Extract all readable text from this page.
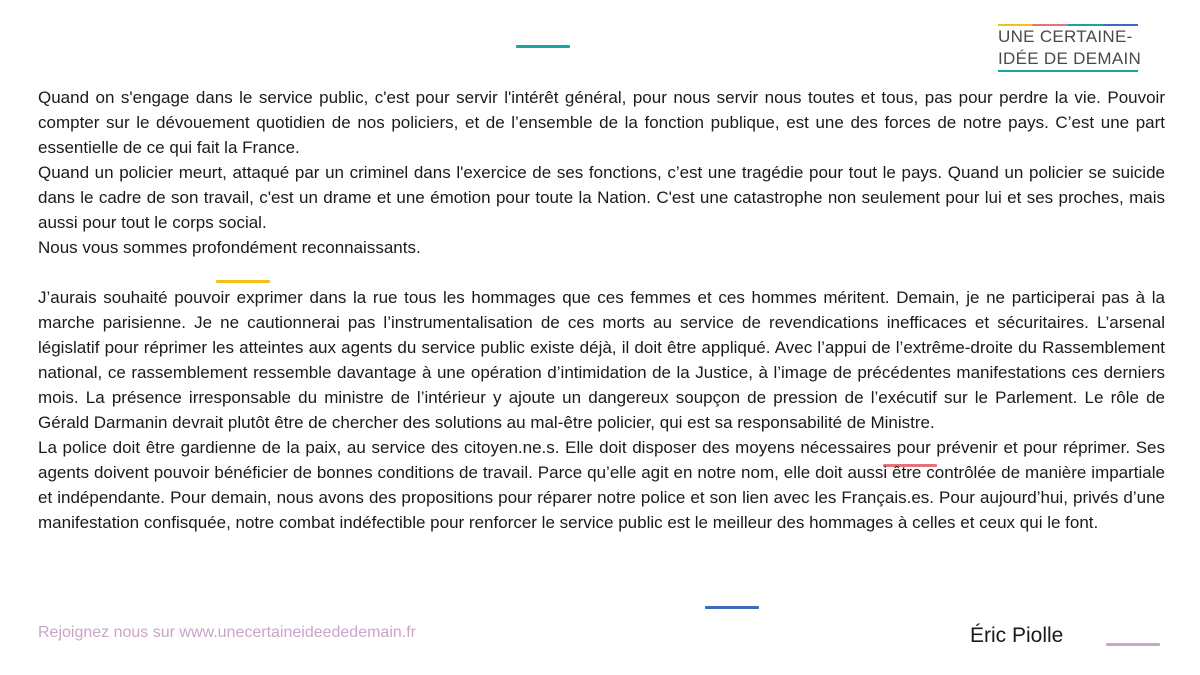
UNE CERTAINE-
IDÉE DE DEMAIN

Quand on s'engage dans le service public, c'est pour servir l'intérêt général, pour nous servir nous toutes et tous, pas pour perdre la vie. Pouvoir compter sur le dévouement quotidien de nos policiers, et de l’ensemble de la fonction publique, est une des forces de notre pays. C’est une part essentielle de ce qui fait la France.

Quand un policier meurt, attaqué par un criminel dans l'exercice de ses fonctions, c’est une tragédie pour tout le pays. Quand un policier se suicide dans le cadre de son travail, c'est un drame et une émotion pour toute la Nation. C'est une catastrophe non seulement pour lui et ses proches, mais aussi pour tout le corps social.

Nous vous sommes profondément reconnaissants.

J’aurais souhaité pouvoir exprimer dans la rue tous les hommages que ces femmes et ces hommes méritent. Demain, je ne participerai pas à la marche parisienne. Je ne cautionnerai pas l’instrumentalisation de ces morts au service de revendications inefficaces et sécuritaires. L’arsenal législatif pour réprimer les atteintes aux agents du service public existe déjà, il doit être appliqué. Avec l’appui de l’extrême-droite du Rassemblement national, ce rassemblement ressemble davantage à une opération d’intimidation de la Justice, à l’image de précédentes manifestations ces derniers mois. La présence irresponsable du ministre de l’intérieur y ajoute un dangereux soupçon de pression de l’exécutif sur le Parlement. Le rôle de Gérald Darmanin devrait plutôt être de chercher des solutions au mal-être policier, qui est sa responsabilité de Ministre.

La police doit être gardienne de la paix, au service des citoyen.ne.s. Elle doit disposer des moyens nécessaires pour prévenir et pour réprimer. Ses agents doivent pouvoir bénéficier de bonnes conditions de travail. Parce qu’elle agit en notre nom, elle doit aussi être contrôlée de manière impartiale et indépendante. Pour demain, nous avons des propositions pour réparer notre police et son lien avec les Français.es. Pour aujourd’hui, privés d’une manifestation confisquée, notre combat indéfectible pour renforcer le service public est le meilleur des hommages à celles et ceux qui le font.

Rejoignez nous sur www.unecertaineideededemain.fr	Éric Piolle
